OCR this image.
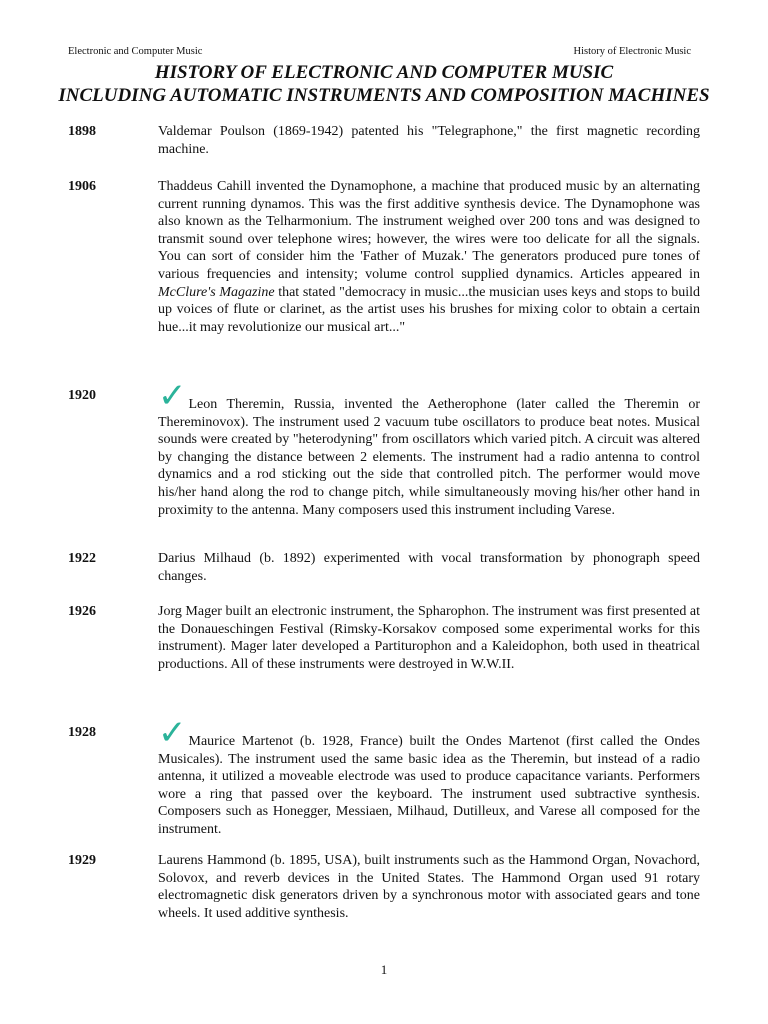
Electronic and Computer Music	History of Electronic Music
HISTORY OF ELECTRONIC AND COMPUTER MUSIC
INCLUDING AUTOMATIC INSTRUMENTS AND COMPOSITION MACHINES
1898	Valdemar Poulson (1869-1942) patented his "Telegraphone," the first magnetic recording machine.
1906	Thaddeus Cahill invented the Dynamophone, a machine that produced music by an alternating current running dynamos. This was the first additive synthesis device. The Dynamophone was also known as the Telharmonium. The instrument weighed over 200 tons and was designed to transmit sound over telephone wires; however, the wires were too delicate for all the signals. You can sort of consider him the 'Father of Muzak.' The generators produced pure tones of various frequencies and intensity; volume control supplied dynamics. Articles appeared in McClure's Magazine that stated "democracy in music...the musician uses keys and stops to build up voices of flute or clarinet, as the artist uses his brushes for mixing color to obtain a certain hue...it may revolutionize our musical art..."
1920 ✓ Leon Theremin, Russia, invented the Aetherophone (later called the Theremin or Thereminovox). The instrument used 2 vacuum tube oscillators to produce beat notes. Musical sounds were created by "heterodyning" from oscillators which varied pitch. A circuit was altered by changing the distance between 2 elements. The instrument had a radio antenna to control dynamics and a rod sticking out the side that controlled pitch. The performer would move his/her hand along the rod to change pitch, while simultaneously moving his/her other hand in proximity to the antenna. Many composers used this instrument including Varese.
1922	Darius Milhaud (b. 1892) experimented with vocal transformation by phonograph speed changes.
1926	Jorg Mager built an electronic instrument, the Spharophon. The instrument was first presented at the Donaueschingen Festival (Rimsky-Korsakov composed some experimental works for this instrument). Mager later developed a Partiturophon and a Kaleidophon, both used in theatrical productions. All of these instruments were destroyed in W.W.II.
1928 ✓ Maurice Martenot (b. 1928, France) built the Ondes Martenot (first called the Ondes Musicales). The instrument used the same basic idea as the Theremin, but instead of a radio antenna, it utilized a moveable electrode was used to produce capacitance variants. Performers wore a ring that passed over the keyboard. The instrument used subtractive synthesis. Composers such as Honegger, Messiaen, Milhaud, Dutilleux, and Varese all composed for the instrument.
1929	Laurens Hammond (b. 1895, USA), built instruments such as the Hammond Organ, Novachord, Solovox, and reverb devices in the United States. The Hammond Organ used 91 rotary electromagnetic disk generators driven by a synchronous motor with associated gears and tone wheels. It used additive synthesis.
1
